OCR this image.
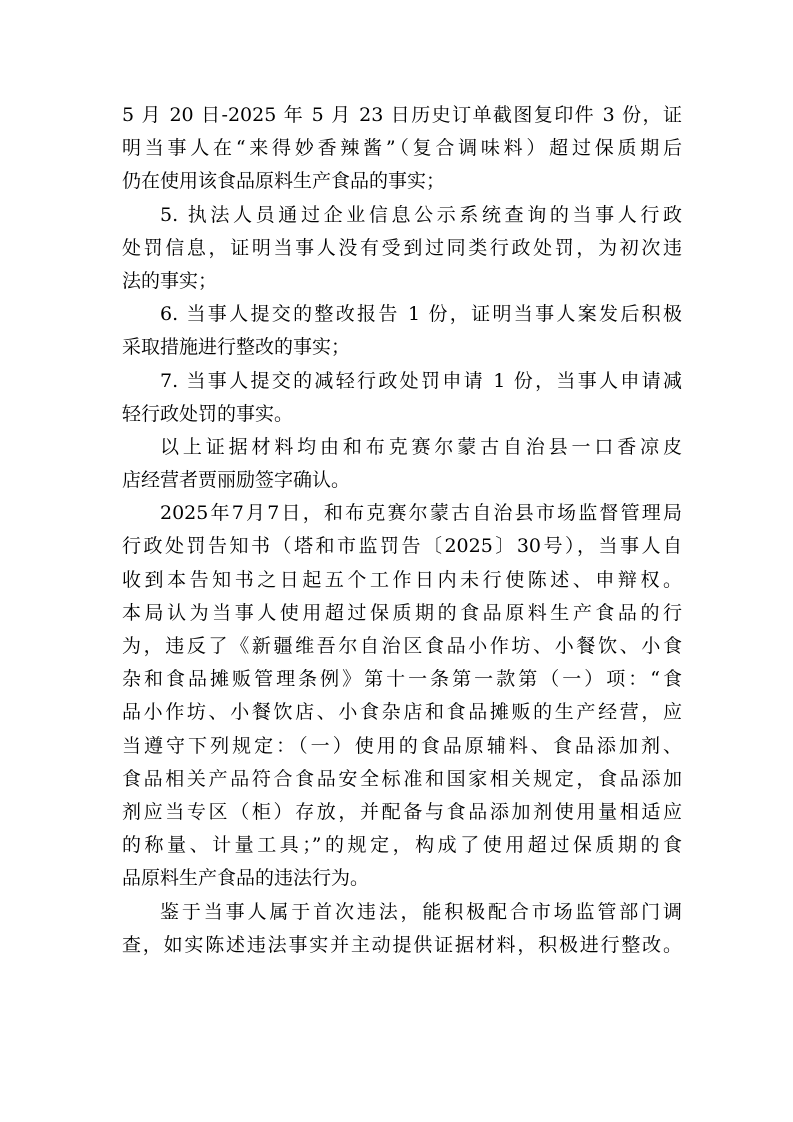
5 月 20 日-2025 年 5 月 23 日历史订单截图复印件 3 份，证
明当事人在“来得妙香辣酱”（复合调味料）超过保质期后
仍在使用该食品原料生产食品的事实；
5. 执法人员通过企业信息公示系统查询的当事人行政
处罚信息，证明当事人没有受到过同类行政处罚，为初次违
法的事实；
6. 当事人提交的整改报告 1 份，证明当事人案发后积极
采取措施进行整改的事实；
7. 当事人提交的减轻行政处罚申请 1 份，当事人申请减
轻行政处罚的事实。
以上证据材料均由和布克赛尔蒙古自治县一口香凉皮
店经营者贾丽励签字确认。
2025年7月7日，和布克赛尔蒙古自治县市场监督管理局
行政处罚告知书（塔和市监罚告〔2025〕30号），当事人自
收到本告知书之日起五个工作日内未行使陈述、申辩权。
本局认为当事人使用超过保质期的食品原料生产食品的行
为，违反了《新疆维吾尔自治区食品小作坊、小餐饮、小食
杂和食品摊贩管理条例》第十一条第一款第（一）项：“食
品小作坊、小餐饮店、小食杂店和食品摊贩的生产经营，应
当遵守下列规定：（一）使用的食品原辅料、食品添加剂、
食品相关产品符合食品安全标准和国家相关规定，食品添加
剂应当专区（柜）存放，并配备与食品添加剂使用量相适应
的称量、计量工具；”的规定，构成了使用超过保质期的食
品原料生产食品的违法行为。
鉴于当事人属于首次违法，能积极配合市场监管部门调
查，如实陈述违法事实并主动提供证据材料，积极进行整改。
